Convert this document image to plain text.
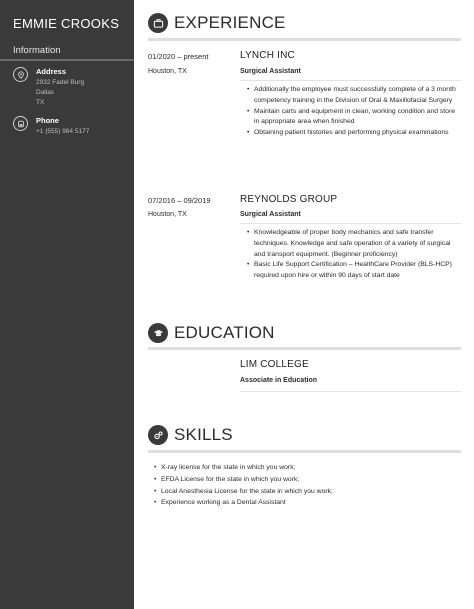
EMMIE CROOKS
Information
Address
2932 Fadel Burg
Dallas
TX
Phone
+1 (555) 984 5177
EXPERIENCE
01/2020 – present
Houston, TX
LYNCH INC
Surgical Assistant
• Additionally the employee must successfully complete of a 3 month competency training in the Division of Oral & Maxillofacial Surgery
• Maintain carts and equipment in clean, working condition and store in appropriate area when finished
• Obtaining patient histories and performing physical examinations
07/2016 – 09/2019
Houston, TX
REYNOLDS GROUP
Surgical Assistant
• Knowledgeable of proper body mechanics and safe transfer techniques. Knowledge and safe operation of a variety of surgical and transport equipment. (Beginner proficiency)
• Basic Life Support Certification – HealthCare Provider (BLS-HCP) required upon hire or within 90 days of start date
EDUCATION
LIM COLLEGE
Associate in Education
SKILLS
• X-ray license for the state in which you work;
• EFDA License for the state in which you work;
• Local Anesthesia License for the state in which you work;
• Experience working as a Dental Assistant
